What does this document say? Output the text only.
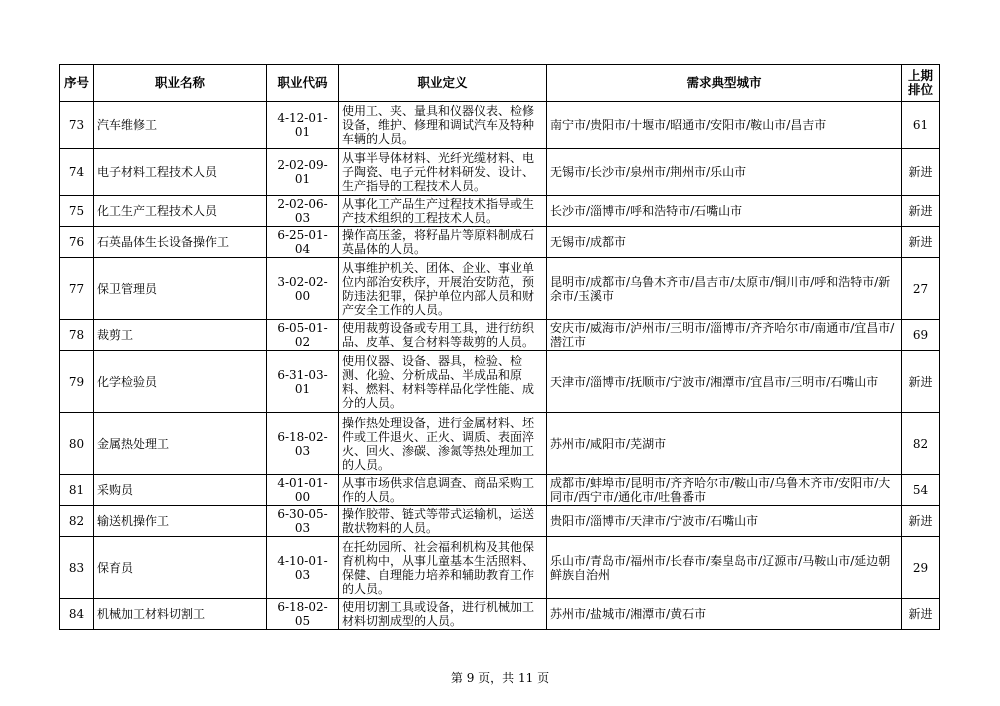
序号	职业名称	职业代码	职业定义	需求典型城市	上期
排位

73	汽车维修工	4-12-01-01	使用工、夹、量具和仪器仪表、检修设备，维护、修理和调试汽车及特种车辆的人员。	南宁市/贵阳市/十堰市/昭通市/安阳市/鞍山市/昌吉市	61
74	电子材料工程技术人员	2-02-09-01	从事半导体材料、光纤光缆材料、电子陶瓷、电子元件材料研发、设计、生产指导的工程技术人员。	无锡市/长沙市/泉州市/荆州市/乐山市	新进
75	化工生产工程技术人员	2-02-06-03	从事化工产品生产过程技术指导或生产技术组织的工程技术人员。	长沙市/淄博市/呼和浩特市/石嘴山市	新进
76	石英晶体生长设备操作工	6-25-01-04	操作高压釜，将籽晶片等原料制成石英晶体的人员。	无锡市/成都市	新进
77	保卫管理员	3-02-02-00	从事维护机关、团体、企业、事业单位内部治安秩序，开展治安防范，预防违法犯罪，保护单位内部人员和财产安全工作的人员。	昆明市/成都市/乌鲁木齐市/昌吉市/太原市/铜川市/呼和浩特市/新余市/玉溪市	27
78	裁剪工	6-05-01-02	使用裁剪设备或专用工具，进行纺织品、皮革、复合材料等裁剪的人员。	安庆市/威海市/泸州市/三明市/淄博市/齐齐哈尔市/南通市/宜昌市/潜江市	69
79	化学检验员	6-31-03-01	使用仪器、设备、器具，检验、检测、化验、分析成品、半成品和原料、燃料、材料等样品化学性能、成分的人员。	天津市/淄博市/抚顺市/宁波市/湘潭市/宜昌市/三明市/石嘴山市	新进
80	金属热处理工	6-18-02-03	操作热处理设备，进行金属材料、坯件或工件退火、正火、调质、表面淬火、回火、渗碳、渗氮等热处理加工的人员。	苏州市/咸阳市/芜湖市	82
81	采购员	4-01-01-00	从事市场供求信息调查、商品采购工作的人员。	成都市/蚌埠市/昆明市/齐齐哈尔市/鞍山市/乌鲁木齐市/安阳市/大同市/西宁市/通化市/吐鲁番市	54
82	输送机操作工	6-30-05-03	操作胶带、链式等带式运输机，运送散状物料的人员。	贵阳市/淄博市/天津市/宁波市/石嘴山市	新进
83	保育员	4-10-01-03	在托幼园所、社会福利机构及其他保育机构中，从事儿童基本生活照料、保健、自理能力培养和辅助教育工作的人员。	乐山市/青岛市/福州市/长春市/秦皇岛市/辽源市/马鞍山市/延边朝鲜族自治州	29
84	机械加工材料切割工	6-18-02-05	使用切割工具或设备，进行机械加工材料切割成型的人员。	苏州市/盐城市/湘潭市/黄石市	新进
第 9 页，共 11 页
